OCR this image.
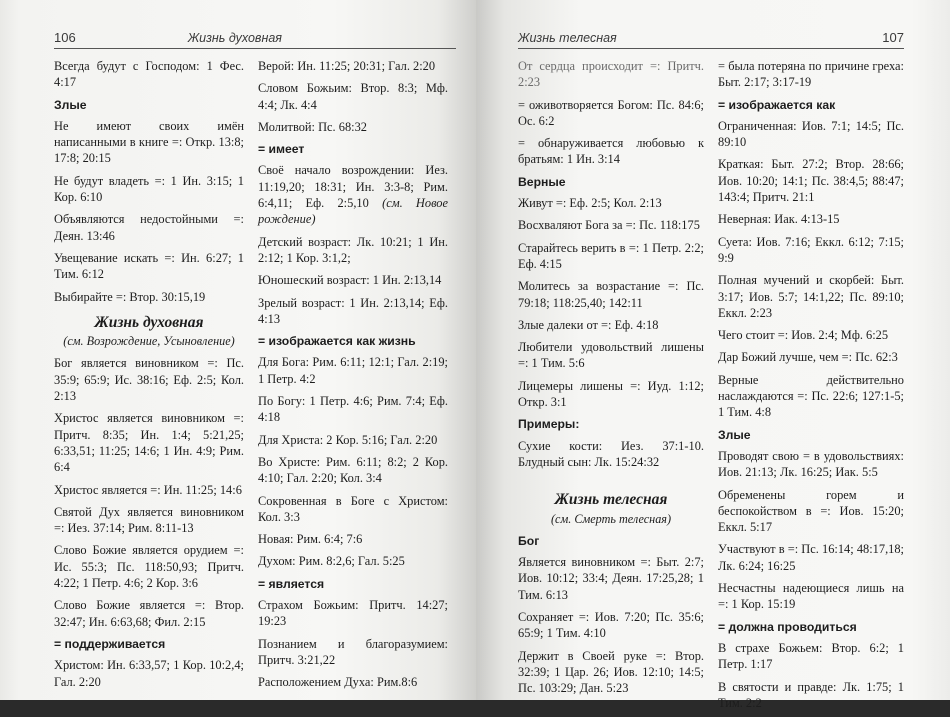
106	Жизнь духовная
Всегда будут с Господом: 1 Фес. 4:17
Злые
Не имеют своих имён написанными в книге =: Откр. 13:8; 17:8; 20:15
Не будут владеть =: 1 Ин. 3:15; 1 Кор. 6:10
Объявляются недостойными =: Деян. 13:46
Увещевание искать =: Ин. 6:27; 1 Тим. 6:12
Выбирайте =: Втор. 30:15,19
Жизнь духовная
(см. Возрождение, Усыновление)
Бог является виновником =: Пс. 35:9; 65:9; Ис. 38:16; Еф. 2:5; Кол. 2:13
Христос является виновником =: Притч. 8:35; Ин. 1:4; 5:21,25; 6:33,51; 11:25; 14:6; 1 Ин. 4:9; Рим. 6:4
Христос является =: Ин. 11:25; 14:6
Святой Дух является виновником =: Иез. 37:14; Рим. 8:11-13
Слово Божие является орудием =: Ис. 55:3; Пс. 118:50,93; Притч. 4:22; 1 Петр. 4:6; 2 Кор. 3:6
Слово Божие является =: Втор. 32:47; Ин. 6:63,68; Фил. 2:15
= поддерживается
Христом: Ин. 6:33,57; 1 Кор. 10:2,4; Гал. 2:20
Верой: Ин. 11:25; 20:31; Гал. 2:20
Словом Божьим: Втор. 8:3; Мф. 4:4; Лк. 4:4
Молитвой: Пс. 68:32
= имеет
Своё начало возрождении: Иез. 11:19,20; 18:31; Ин. 3:3-8; Рим. 6:4,11; Еф. 2:5,10 (см. Новое рождение)
Детский возраст: Лк. 10:21; 1 Ин. 2:12; 1 Кор. 3:1,2;
Юношеский возраст: 1 Ин. 2:13,14
Зрелый возраст: 1 Ин. 2:13,14; Еф. 4:13
= изображается как жизнь
Для Бога: Рим. 6:11; 12:1; Гал. 2:19; 1 Петр. 4:2
По Богу: 1 Петр. 4:6; Рим. 7:4; Еф. 4:18
Для Христа: 2 Кор. 5:16; Гал. 2:20
Во Христе: Рим. 6:11; 8:2; 2 Кор. 4:10; Гал. 2:20; Кол. 3:4
Сокровенная в Боге с Христом: Кол. 3:3
Новая: Рим. 6:4; 7:6
Духом: Рим. 8:2,6; Гал. 5:25
= является
Страхом Божьим: Притч. 14:27; 19:23
Познанием и благоразумием: Притч. 3:21,22
Расположением Духа: Рим.8:6
Жизнь телесная	107
От сердца происходит =: Притч. 2:23
= оживотворяется Богом: Пс. 84:6; Ос. 6:2
= обнаруживается любовью к братьям: 1 Ин. 3:14
Верные
Живут =: Еф. 2:5; Кол. 2:13
Восхваляют Бога за =: Пс. 118:175
Старайтесь верить в =: 1 Петр. 2:2; Еф. 4:15
Молитесь за возрастание =: Пс. 79:18; 118:25,40; 142:11
Злые далеки от =: Еф. 4:18
Любители удовольствий лишены =: 1 Тим. 5:6
Лицемеры лишены =: Иуд. 1:12; Откр. 3:1
Примеры:
Сухие кости: Иез. 37:1-10. Блудный сын: Лк. 15:24:32
Жизнь телесная
(см. Смерть телесная)
Бог
Является виновником =: Быт. 2:7; Иов. 10:12; 33:4; Деян. 17:25,28; 1 Тим. 6:13
Сохраняет =: Иов. 7:20; Пс. 35:6; 65:9; 1 Тим. 4:10
Держит в Своей руке =: Втор. 32:39; 1 Цар. 26; Иов. 12:10; 14:5; Пс. 103:29; Дан. 5:23
= была потеряна по причине греха: Быт. 2:17; 3:17-19
= изображается как
Ограниченная: Иов. 7:1; 14:5; Пс. 89:10
Краткая: Быт. 27:2; Втор. 28:66; Иов. 10:20; 14:1; Пс. 38:4,5; 88:47; 143:4; Притч. 21:1
Неверная: Иак. 4:13-15
Суета: Иов. 7:16; Еккл. 6:12; 7:15; 9:9
Полная мучений и скорбей: Быт. 3:17; Иов. 5:7; 14:1,22; Пс. 89:10; Еккл. 2:23
Чего стоит =: Иов. 2:4; Мф. 6:25
Дар Божий лучше, чем =: Пс. 62:3
Верные действительно наслаждаются =: Пс. 22:6; 127:1-5; 1 Тим. 4:8
Злые
Проводят свою = в удовольствиях: Иов. 21:13; Лк. 16:25; Иак. 5:5
Обременены горем и беспокойством в =: Иов. 15:20; Еккл. 5:17
Участвуют в =: Пс. 16:14; 48:17,18; Лк. 6:24; 16:25
Несчастны надеющиеся лишь на =: 1 Кор. 15:19
= должна проводиться
В страхе Божьем: Втор. 6:2; 1 Петр. 1:17
В святости и правде: Лк. 1:75; 1 Тим. 2:2
